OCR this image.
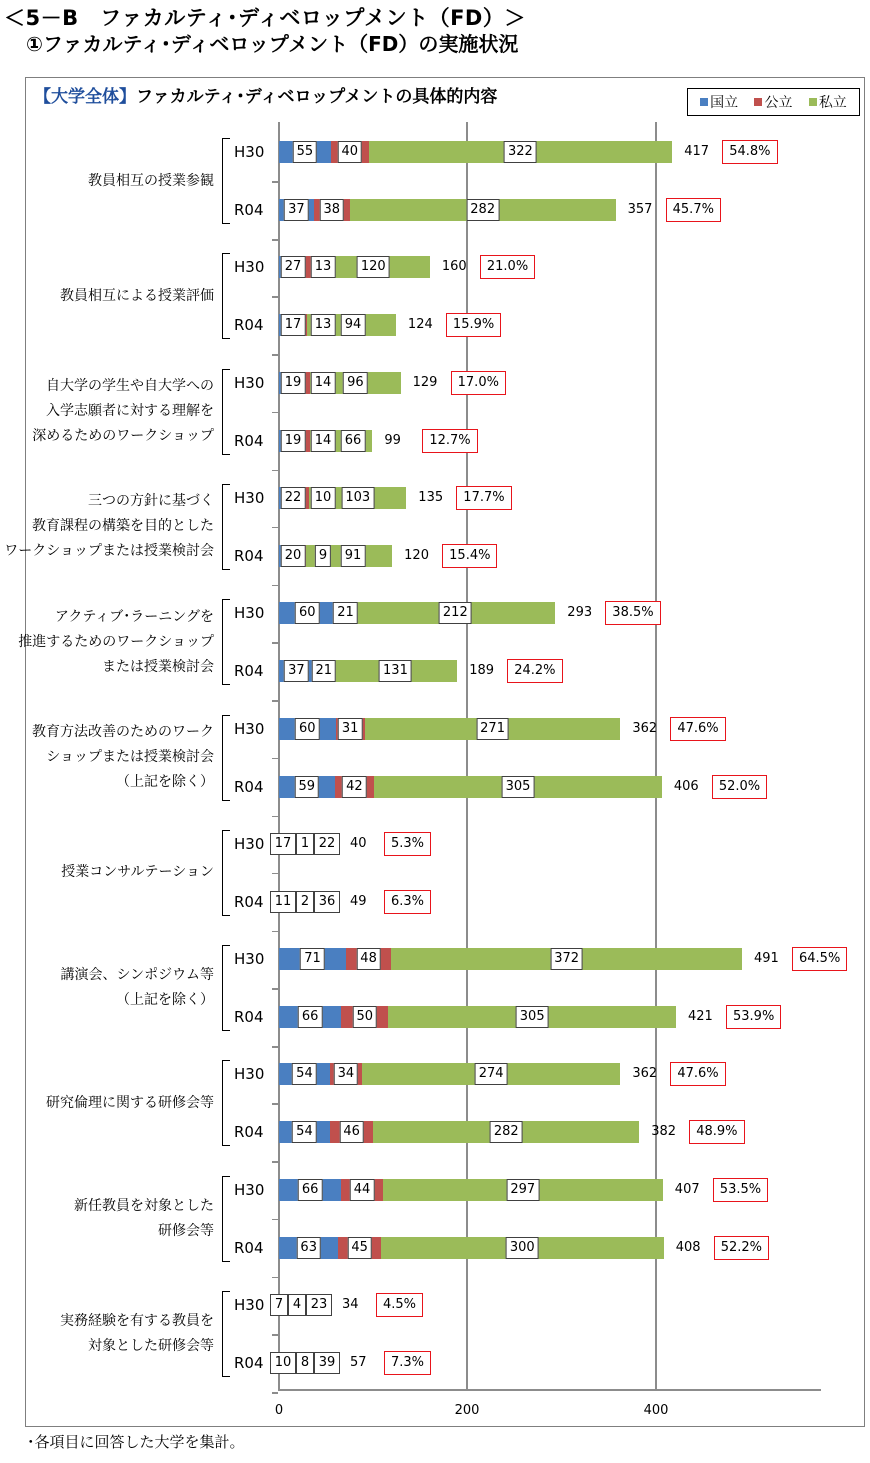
＜5－B　ファカルティ･ディベロップメント（FD）＞
①ファカルティ･ディベロップメント（FD）の実施状況
【大学全体】ファカルティ･ディベロップメントの具体的内容	国立 公立 私立
0	200	400
教員相互の授業参観
H30	55	40	322	417	54.8%
R04	37	38	282	357	45.7%
教員相互による授業評価
H30	27	13	120	160	21.0%
R04	17	13	94	124	15.9%
自大学の学生や自大学への
入学志願者に対する理解を
深めるためのワークショップ
H30	19	14	96	129	17.0%
R04	19	14	66	99	12.7%
三つの方針に基づく
教育課程の構築を目的とした
ワークショップまたは授業検討会
H30	22	10	103	135	17.7%
R04	20	9	91	120	15.4%
アクティブ･ラーニングを
推進するためのワークショップ
または授業検討会
H30	60	21	212	293	38.5%
R04	37 21	131	189	24.2%
教育方法改善のためのワーク
ショップまたは授業検討会
（上記を除く）
H30	60	31	271	362	47.6%
R04	59	42	305	406	52.0%
授業コンサルテーション
H30 17 1 22	40	5.3%
R04 11 2 36	49	6.3%
講演会、シンポジウム等
（上記を除く）
H30	71	48	372	491	64.5%
R04	66	50	305	421	53.9%
研究倫理に関する研修会等
H30	54	34	274	362	47.6%
R04	54	46	282	382	48.9%
新任教員を対象とした
研修会等
H30	66	44	297	407	53.5%
R04	63	45	300	408	52.2%
実務経験を有する教員を
対象とした研修会等
H30 7 4 23	34	4.5%
R04 10 8 39	57	7.3%
･各項目に回答した大学を集計。
